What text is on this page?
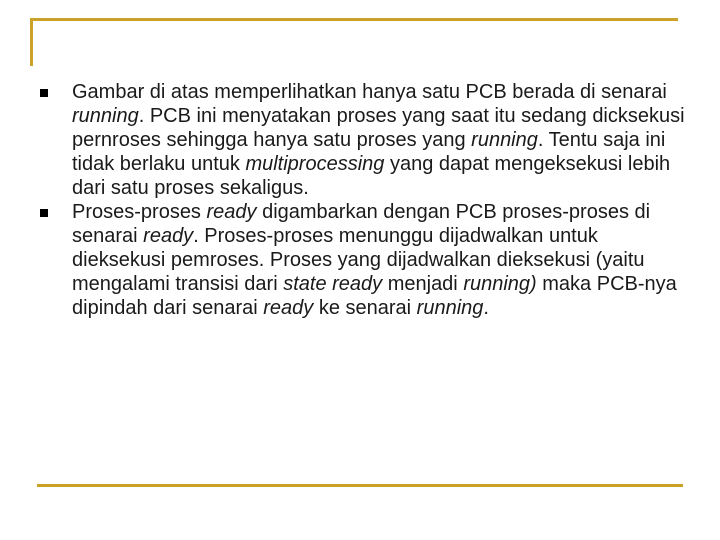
Gambar di atas memperlihatkan hanya satu PCB berada di senarai running. PCB ini menyatakan proses yang saat itu sedang dicksekusi pernroses sehingga hanya satu proses yang running. Tentu saja ini tidak berlaku untuk multiprocessing yang dapat mengeksekusi lebih dari satu proses sekaligus.
Proses‑proses ready digambarkan dengan PCB proses‑proses di senarai ready. Proses‑proses menunggu dijadwalkan untuk dieksekusi pemroses. Proses yang dijadwalkan dieksekusi (yaitu mengalami transisi dari state ready menjadi running) maka PCB‑nya dipindah dari senarai ready ke senarai running.
